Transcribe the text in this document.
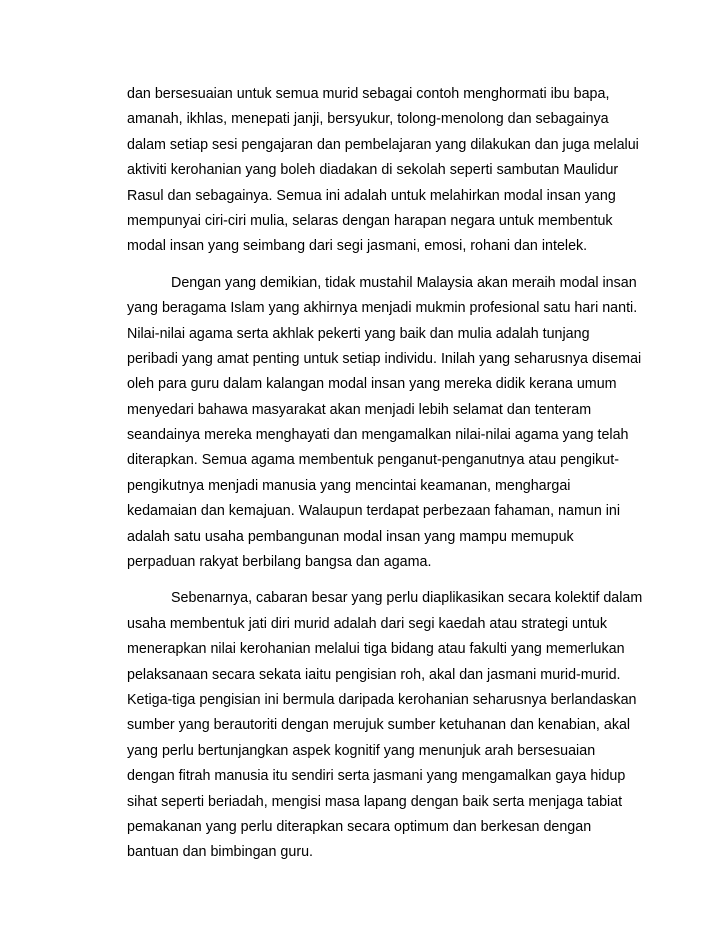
dan bersesuaian untuk semua murid sebagai contoh menghormati ibu bapa,
amanah, ikhlas, menepati janji, bersyukur, tolong-menolong dan sebagainya
dalam setiap sesi pengajaran dan pembelajaran yang dilakukan dan juga melalui
aktiviti kerohanian yang boleh diadakan di sekolah seperti sambutan Maulidur
Rasul dan sebagainya. Semua ini adalah untuk melahirkan modal insan yang
mempunyai ciri-ciri mulia, selaras dengan harapan negara untuk membentuk
modal insan yang seimbang dari segi jasmani, emosi, rohani dan intelek.
Dengan yang demikian, tidak mustahil Malaysia akan meraih modal insan
yang beragama Islam yang akhirnya menjadi mukmin profesional satu hari nanti.
Nilai-nilai agama serta akhlak pekerti yang baik dan mulia adalah tunjang
peribadi yang amat penting untuk setiap individu. Inilah yang seharusnya disemai
oleh para guru dalam kalangan modal insan yang mereka didik kerana umum
menyedari bahawa masyarakat akan menjadi lebih selamat dan tenteram
seandainya mereka menghayati dan mengamalkan nilai-nilai agama yang telah
diterapkan. Semua agama membentuk penganut-penganutnya atau pengikut-
pengikutnya menjadi manusia yang mencintai keamanan, menghargai
kedamaian dan kemajuan. Walaupun terdapat perbezaan fahaman, namun ini
adalah satu usaha pembangunan modal insan yang mampu memupuk
perpaduan rakyat berbilang bangsa dan agama.
Sebenarnya, cabaran besar yang perlu diaplikasikan secara kolektif dalam
usaha membentuk jati diri murid adalah dari segi kaedah atau strategi untuk
menerapkan nilai kerohanian melalui tiga bidang atau fakulti yang memerlukan
pelaksanaan secara sekata iaitu pengisian roh, akal dan jasmani murid-murid.
Ketiga-tiga pengisian ini bermula daripada kerohanian seharusnya berlandaskan
sumber yang berautoriti dengan merujuk sumber ketuhanan dan kenabian, akal
yang perlu bertunjangkan aspek kognitif yang menunjuk arah bersesuaian
dengan fitrah manusia itu sendiri serta jasmani yang mengamalkan gaya hidup
sihat seperti beriadah, mengisi masa lapang dengan baik serta menjaga tabiat
pemakanan yang perlu diterapkan secara optimum dan berkesan dengan
bantuan dan bimbingan guru.
